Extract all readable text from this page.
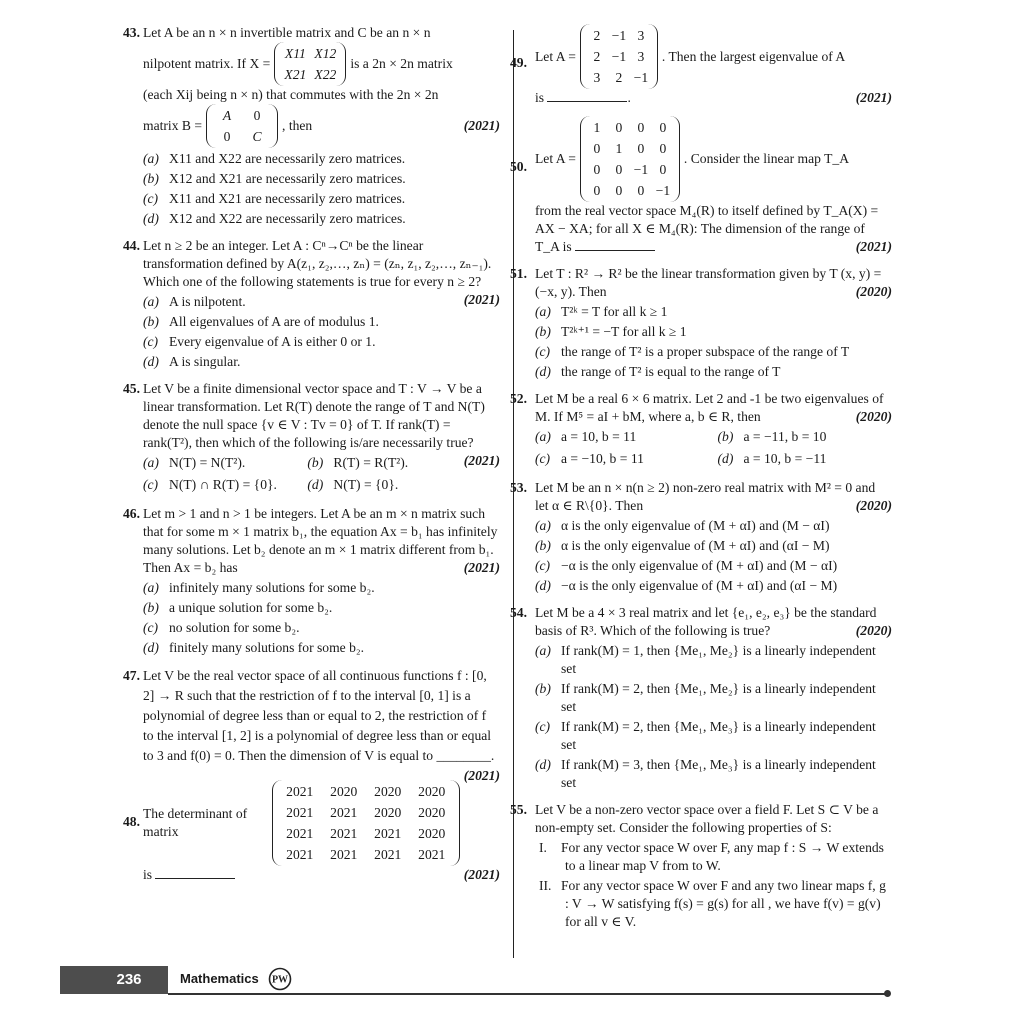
43. Let A be an n × n invertible matrix and C be an n × n
nilpotent matrix. If X =
X11 X12
X21 X22
is a 2n × 2n matrix
(each Xij being n × n) that commutes with the 2n × 2n
matrix B =
A	0
0	C
, then	(2021)
(a) X11 and X22 are necessarily zero matrices.
(b) X12 and X21 are necessarily zero matrices.
(c) X11 and X21 are necessarily zero matrices.
(d) X12 and X22 are necessarily zero matrices.
44. Let n ≥ 2 be an integer. Let A : Cⁿ→Cⁿ be the linear transformation defined by A(z₁, z₂,…, zₙ) = (zₙ, z₁, z₂,…, zₙ₋₁). Which one of the following statements is true for every n ≥ 2?
(2021)
(a) A is nilpotent.
(b) All eigenvalues of A are of modulus 1.
(c) Every eigenvalue of A is either 0 or 1.
(d) A is singular.
45. Let V be a finite dimensional vector space and T : V → V be a linear transformation. Let R(T) denote the range of T and N(T) denote the null space {v ∈ V : Tv = 0} of T. If rank(T) = rank(T²), then which of the following is/are necessarily true?
(2021)
(a) N(T) = N(T²).	(b) R(T) = R(T²).
(c) N(T) ∩ R(T) = {0}.	(d) N(T) = {0}.
46. Let m > 1 and n > 1 be integers. Let A be an m × n matrix such that for some m × 1 matrix b₁, the equation Ax = b₁ has infinitely many solutions. Let b₂ denote an m × 1 matrix different from b₁. Then Ax = b₂ has	(2021)
(a) infinitely many solutions for some b₂.
(b) a unique solution for some b₂.
(c) no solution for some b₂.
(d) finitely many solutions for some b₂.
47. Let V be the real vector space of all continuous functions f : [0, 2] → R such that the restriction of f to the interval [0, 1] is a polynomial of degree less than or equal to 2, the restriction of f to the interval [1, 2] is a polynomial of degree less than or equal to 3 and f(0) = 0. Then the dimension of V is equal to ________.
(2021)
48.
The determinant of matrix
2021	2020	2020	2020
2021	2021	2020	2020
2021	2021	2021	2020
2021	2021	2021	2021
is	(2021)
49. Let A =
2 −1 3
2 −1 3
3	2 −1
. Then the largest eigenvalue of A
is	.	(2021)
50.
Let A =
1	0	0	0
0	1	0	0
0	0 −1 0
0	0	0 −1
. Consider the linear map T_A
from the real vector space M₄(R) to itself defined by T_A(X) = AX − XA; for all X ∈ M₄(R): The dimension of the range of T_A is	(2021)
51. Let T : R² → R² be the linear transformation given by T (x, y) = (−x, y). Then	(2020)
(a) T²ᵏ = T for all k ≥ 1
(b) T²ᵏ⁺¹ = −T for all k ≥ 1
(c) the range of T² is a proper subspace of the range of T
(d) the range of T² is equal to the range of T
52. Let M be a real 6 × 6 matrix. Let 2 and -1 be two eigenvalues of M. If M⁵ = aI + bM, where a, b ∈ R, then	(2020)
(a) a = 10, b = 11	(b) a = −11, b = 10
(c) a = −10, b = 11	(d) a = 10, b = −11
53. Let M be an n × n(n ≥ 2) non-zero real matrix with M² = 0 and let α ∈ R\{0}. Then	(2020)
(a) α is the only eigenvalue of (M + αI) and (M − αI)
(b) α is the only eigenvalue of (M + αI) and (αI − M)
(c) −α is the only eigenvalue of (M + αI) and (M − αI)
(d) −α is the only eigenvalue of (M + αI) and (αI − M)
54. Let M be a 4 × 3 real matrix and let {e₁, e₂, e₃} be the standard basis of R³. Which of the following is true?	(2020)
(a) If rank(M) = 1, then {Me₁, Me₂} is a linearly independent set
(b) If rank(M) = 2, then {Me₁, Me₂} is a linearly independent set
(c) If rank(M) = 2, then {Me₁, Me₃} is a linearly independent set
(d) If rank(M) = 3, then {Me₁, Me₃} is a linearly independent set
55. Let V be a non-zero vector space over a field F. Let S ⊂ V be a non-empty set. Consider the following properties of S:
I. For any vector space W over F, any map f : S → W extends to a linear map V from to W.
II. For any vector space W over F and any two linear maps f, g : V → W satisfying f(s) = g(s) for all , we have f(v) = g(v) for all v ∈ V.
236	Mathematics PW
